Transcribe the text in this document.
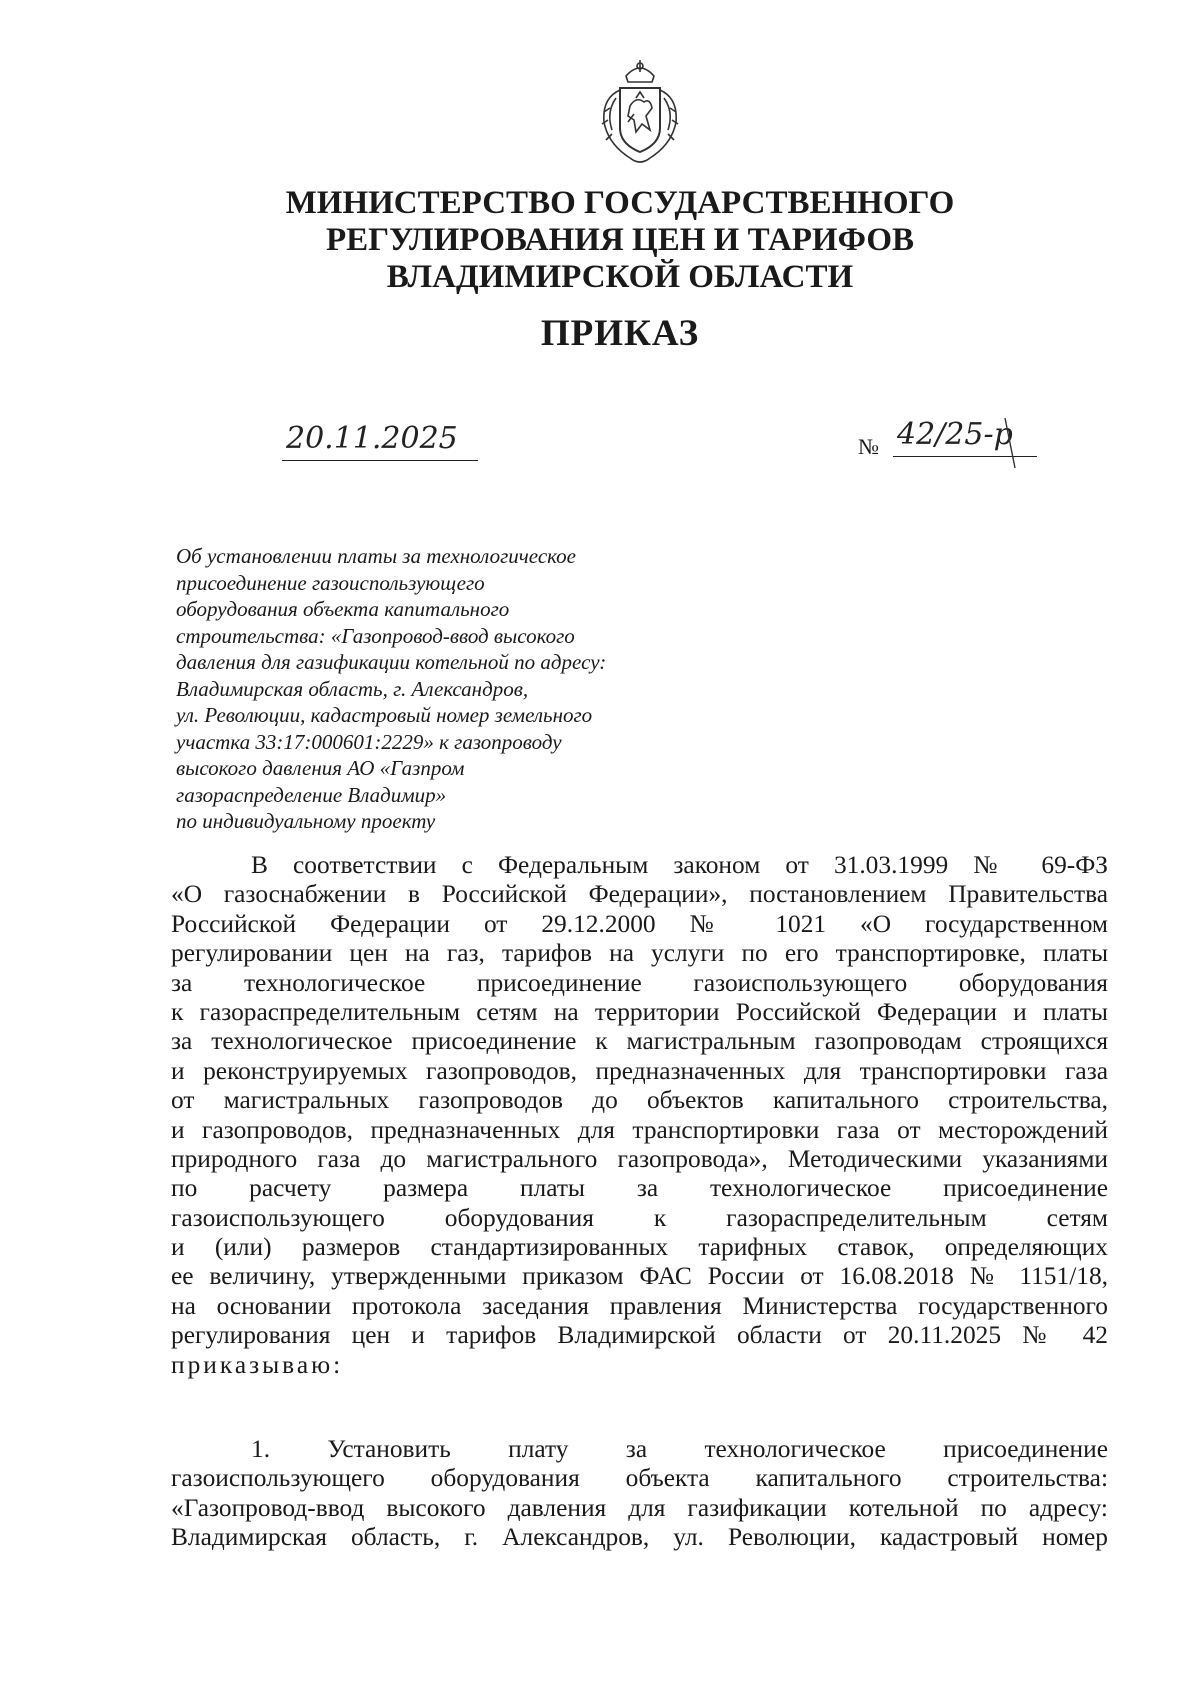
МИНИСТЕРСТВО ГОСУДАРСТВЕННОГО
РЕГУЛИРОВАНИЯ ЦЕН И ТАРИФОВ
ВЛАДИМИРСКОЙ ОБЛАСТИ
ПРИКАЗ
20.11.2025	№ 42/25-р
Об установлении платы за технологическое
присоединение газоиспользующего
оборудования объекта капитального
строительства: «Газопровод-ввод высокого
давления для газификации котельной по адресу:
Владимирская область, г. Александров,
ул. Революции, кадастровый номер земельного
участка 33:17:000601:2229» к газопроводу
высокого давления АО «Газпром
газораспределение Владимир»
по индивидуальному проекту
В соответствии с Федеральным законом от 31.03.1999 № 69-ФЗ
«О газоснабжении в Российской Федерации», постановлением Правительства
Российской Федерации от 29.12.2000 № 1021 «О государственном
регулировании цен на газ, тарифов на услуги по его транспортировке, платы
за технологическое присоединение газоиспользующего оборудования
к газораспределительным сетям на территории Российской Федерации и платы
за технологическое присоединение к магистральным газопроводам строящихся
и реконструируемых газопроводов, предназначенных для транспортировки газа
от магистральных газопроводов до объектов капитального строительства,
и газопроводов, предназначенных для транспортировки газа от месторождений
природного газа до магистрального газопровода», Методическими указаниями
по расчету размера платы за технологическое присоединение
газоиспользующего оборудования к газораспределительным сетям
и (или) размеров стандартизированных тарифных ставок, определяющих
ее величину, утвержденными приказом ФАС России от 16.08.2018 № 1151/18,
на основании протокола заседания правления Министерства государственного
регулирования цен и тарифов Владимирской области от 20.11.2025 № 42
приказываю:
1. Установить плату за технологическое присоединение
газоиспользующего оборудования объекта капитального строительства:
«Газопровод-ввод высокого давления для газификации котельной по адресу:
Владимирская область, г. Александров, ул. Революции, кадастровый номер
